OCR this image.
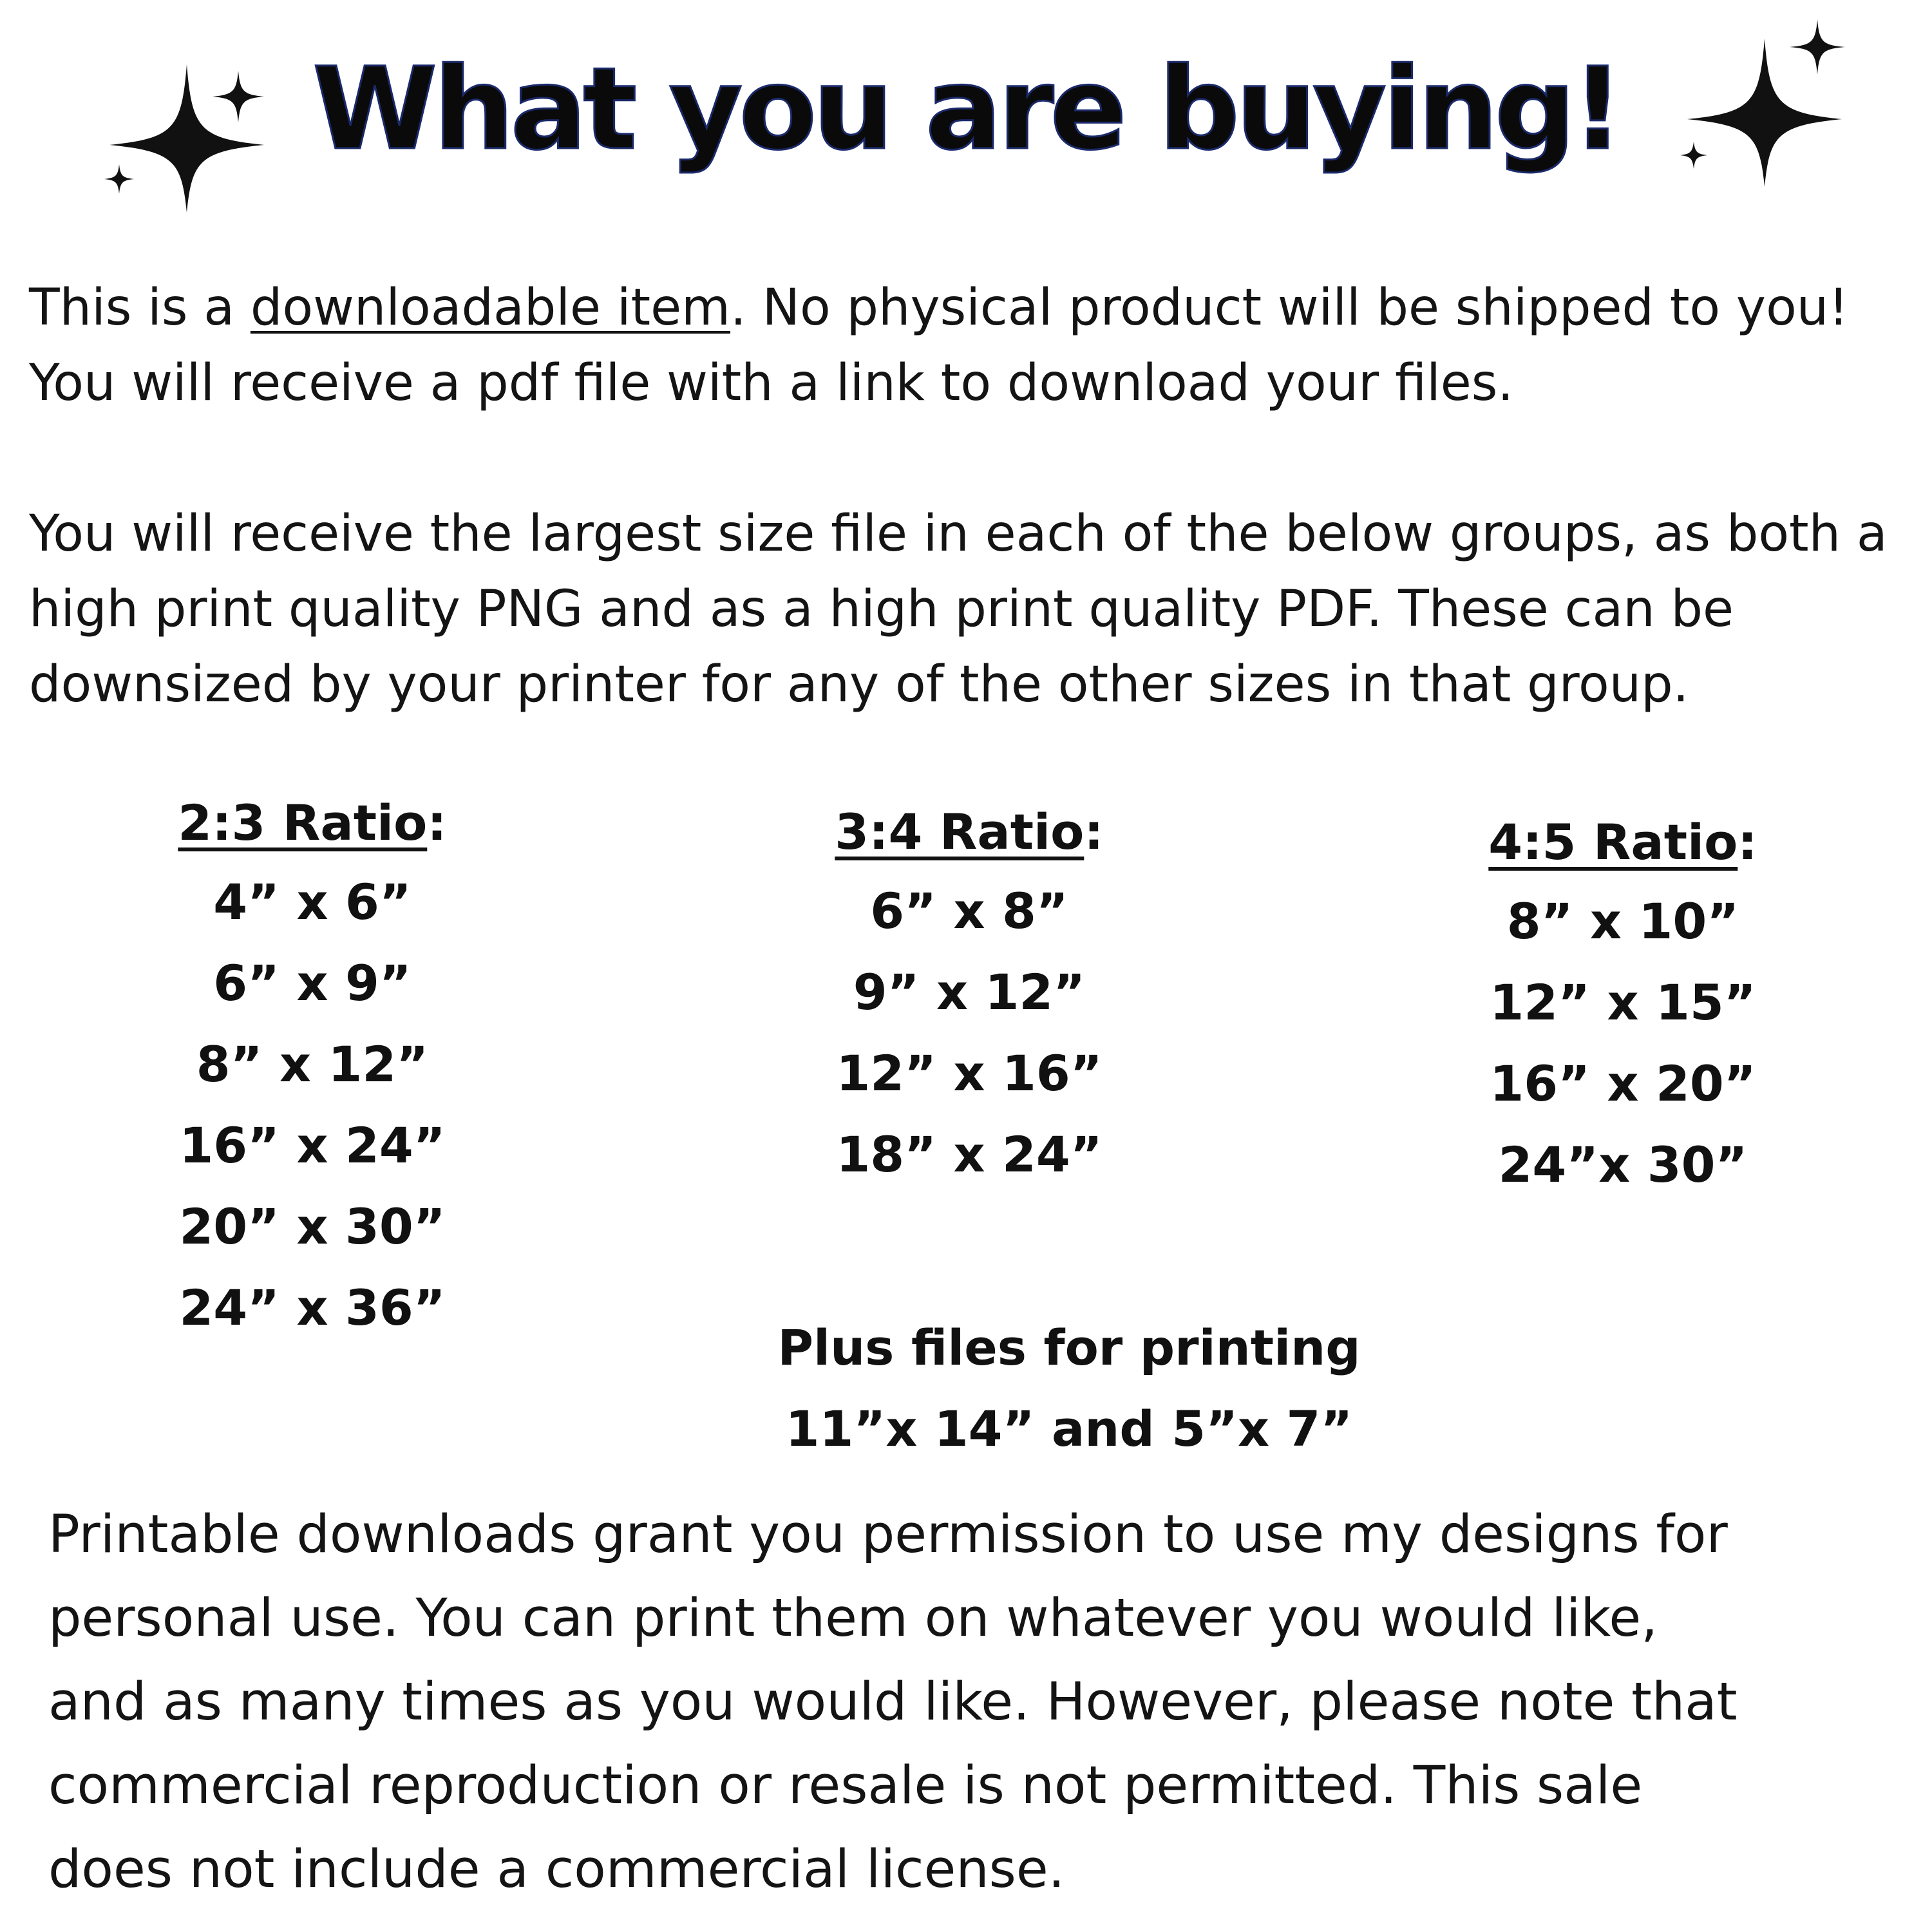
What you are buying!

This is a downloadable item. No physical product will be shipped to you!

You will receive a pdf file with a link to download your files.

You will receive the largest size file in each of the below groups, as both a

high print quality PNG and as a high print quality PDF. These can be

downsized by your printer for any of the other sizes in that group.

2:3 Ratio:
4” x 6”
6” x 9”
8” x 12”
16” x 24”
20” x 30”
24” x 36”
3:4 Ratio:
6” x 8”
9” x 12”
12” x 16”
18” x 24”
4:5 Ratio:
8” x 10”
12” x 15”
16” x 20”
24”x 30”
Plus files for printing
11”x 14” and 5”x 7”
Printable downloads grant you permission to use my designs for
personal use. You can print them on whatever you would like,
and as many times as you would like. However, please note that
commercial reproduction or resale is not permitted. This sale
does not include a commercial license.
